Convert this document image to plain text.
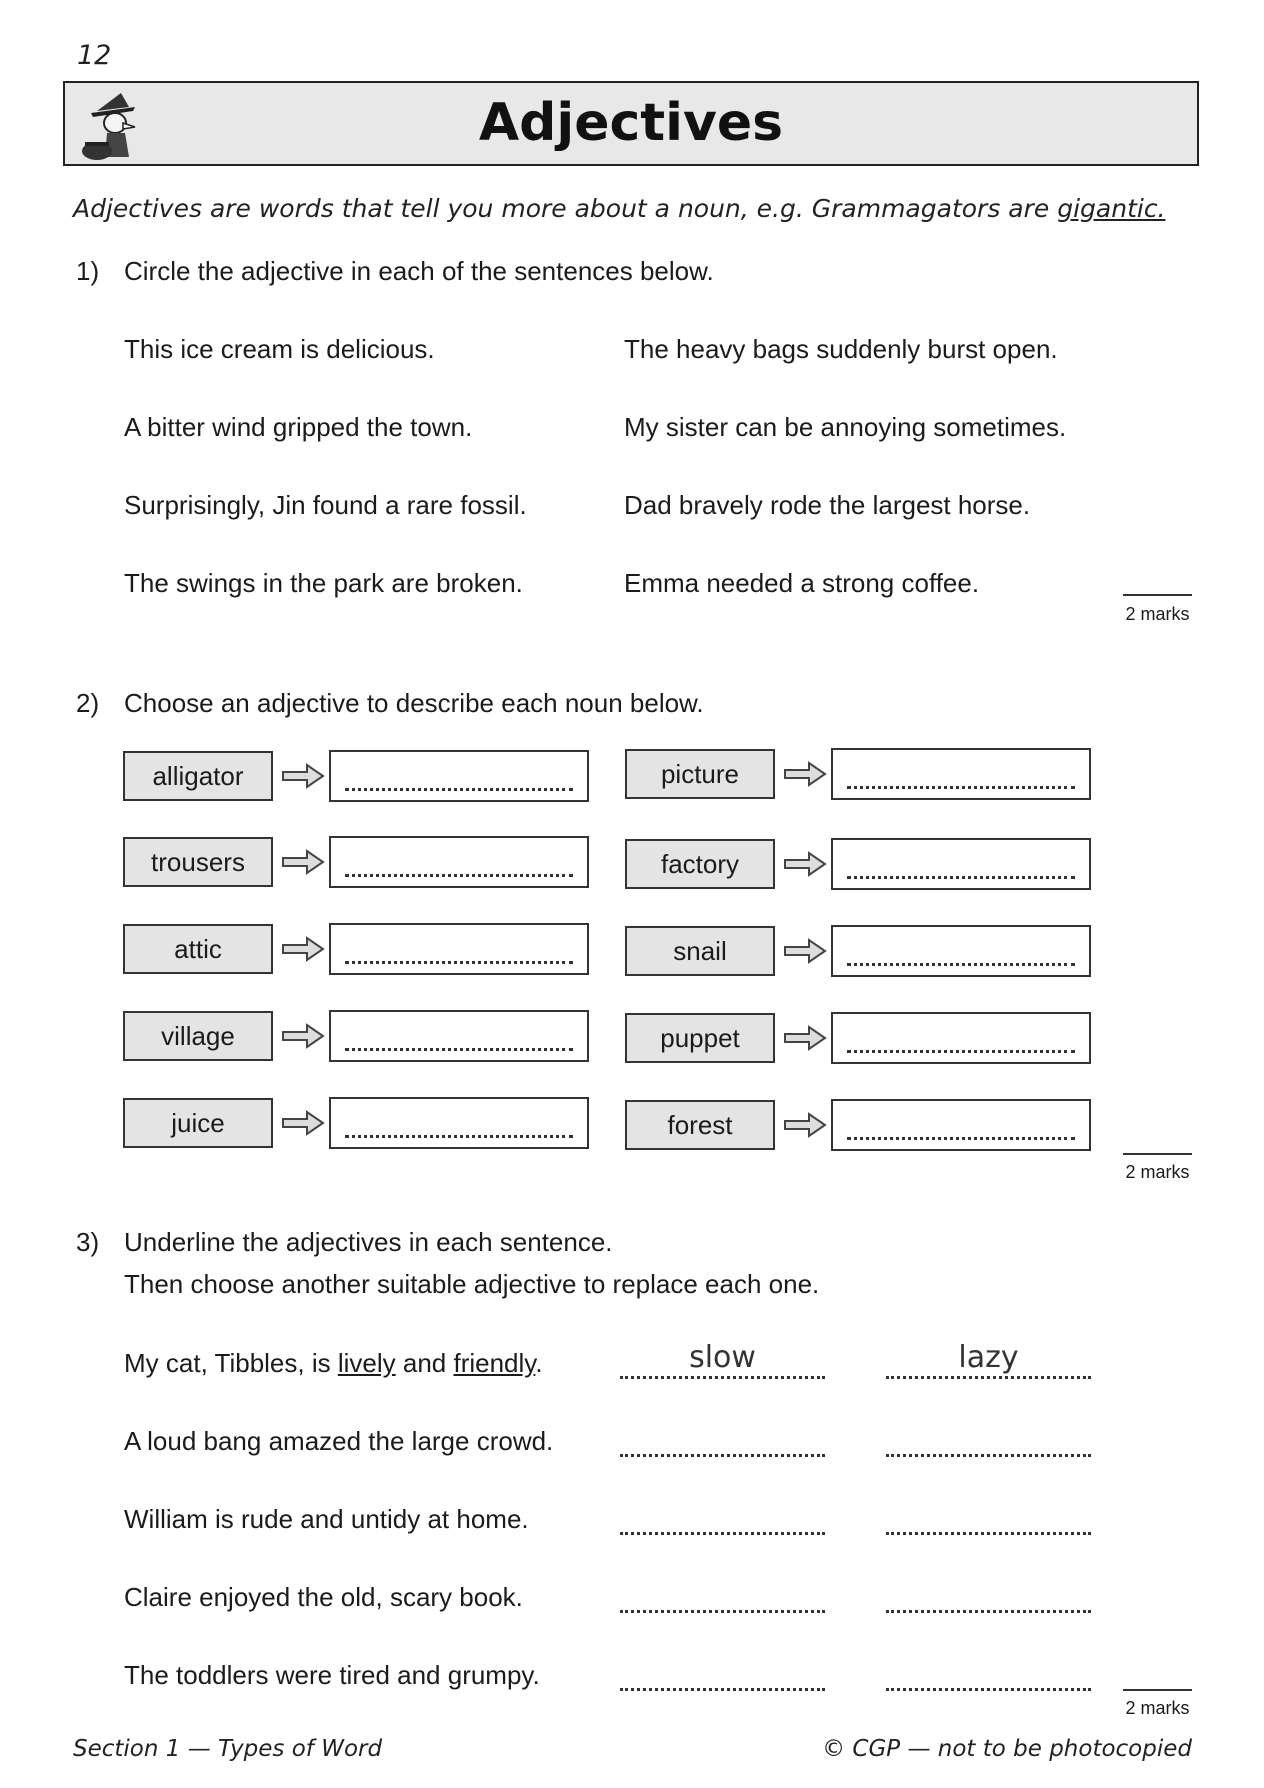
12
Adjectives
Adjectives are words that tell you more about a noun, e.g. Grammagators are gigantic.
1) Circle the adjective in each of the sentences below.
This ice cream is delicious.
A bitter wind gripped the town.
Surprisingly, Jin found a rare fossil.
The swings in the park are broken.
The heavy bags suddenly burst open.
My sister can be annoying sometimes.
Dad bravely rode the largest horse.
Emma needed a strong coffee.
2 marks
2) Choose an adjective to describe each noun below.
alligator	picture
trousers	factory
attic	snail
village	puppet
juice	forest
2 marks
3) Underline the adjectives in each sentence.
Then choose another suitable adjective to replace each one.
My cat, Tibbles, is lively and friendly.	slow	lazy
A loud bang amazed the large crowd.
William is rude and untidy at home.
Claire enjoyed the old, scary book.
The toddlers were tired and grumpy.
2 marks
Section 1 — Types of Word	© CGP — not to be photocopied
